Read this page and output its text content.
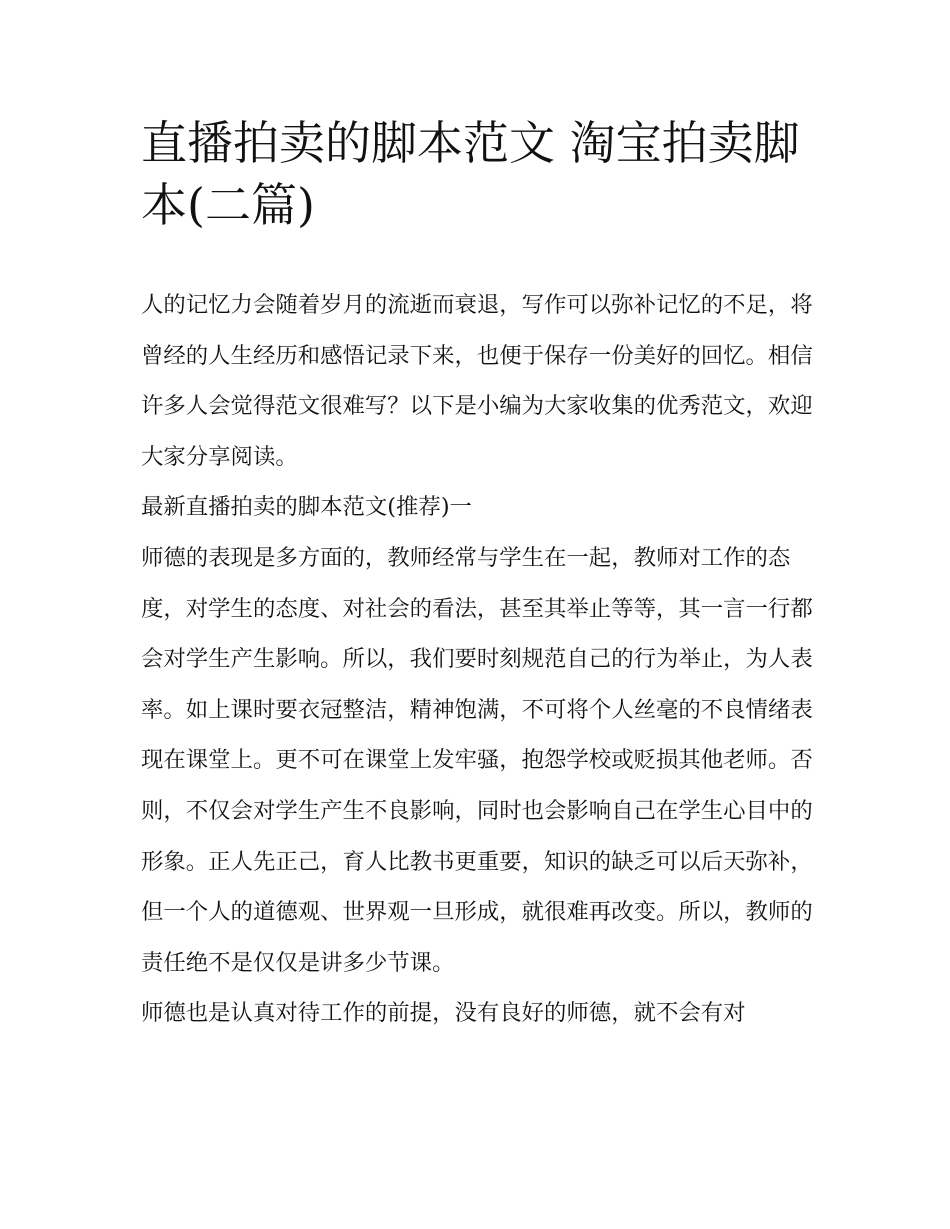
直播拍卖的脚本范文 淘宝拍卖脚本(二篇)

人的记忆力会随着岁月的流逝而衰退，写作可以弥补记忆的不足，将曾经的人生经历和感悟记录下来，也便于保存一份美好的回忆。相信许多人会觉得范文很难写？以下是小编为大家收集的优秀范文，欢迎大家分享阅读。

最新直播拍卖的脚本范文(推荐)一

师德的表现是多方面的，教师经常与学生在一起，教师对工作的态度，对学生的态度、对社会的看法，甚至其举止等等，其一言一行都会对学生产生影响。所以，我们要时刻规范自己的行为举止，为人表率。如上课时要衣冠整洁，精神饱满，不可将个人丝毫的不良情绪表现在课堂上。更不可在课堂上发牢骚，抱怨学校或贬损其他老师。否则，不仅会对学生产生不良影响，同时也会影响自己在学生心目中的形象。正人先正己，育人比教书更重要，知识的缺乏可以后天弥补，但一个人的道德观、世界观一旦形成，就很难再改变。所以，教师的责任绝不是仅仅是讲多少节课。

师德也是认真对待工作的前提，没有良好的师德，就不会有对
